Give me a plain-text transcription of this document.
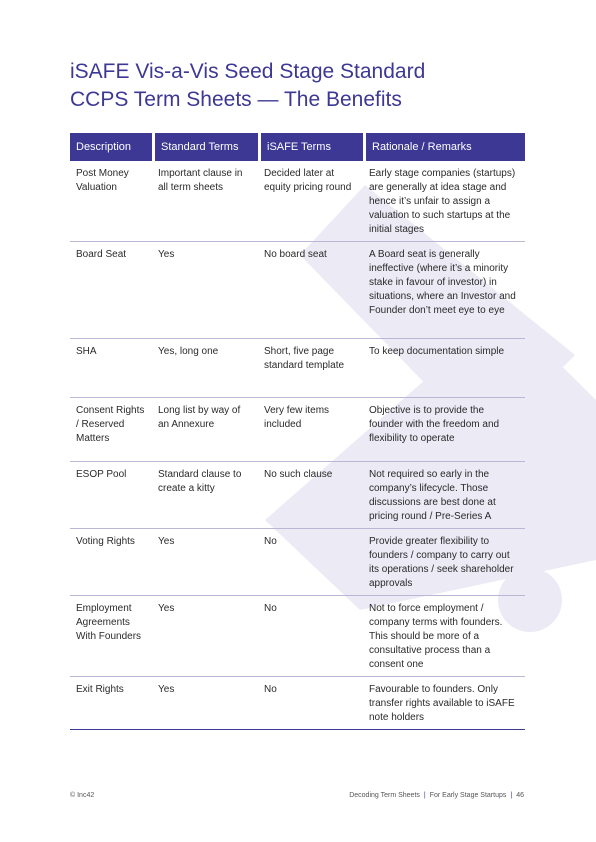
iSAFE Vis-a-Vis Seed Stage Standard
CCPS Term Sheets — The Benefits
Description	Standard Terms	iSAFE Terms	Rationale / Remarks
Post Money Valuation	Important clause in all term sheets	Decided later at equity pricing round	Early stage companies (startups) are generally at idea stage and hence it’s unfair to assign a valuation to such startups at the initial stages
Board Seat	Yes	No board seat	A Board seat is generally ineffective (where it’s a minority stake in favour of investor) in situations, where an Investor and Founder don’t meet eye to eye
SHA	Yes, long one	Short, five page standard template	To keep documentation simple
Consent Rights / Reserved Matters	Long list by way of an Annexure	Very few items included	Objective is to provide the founder with the freedom and flexibility to operate
ESOP Pool	Standard clause to create a kitty	No such clause	Not required so early in the company’s lifecycle. Those discussions are best done at pricing round / Pre-Series A
Voting Rights	Yes	No	Provide greater flexibility to founders / company to carry out its operations / seek shareholder approvals
Employment Agreements With Founders	Yes	No	Not to force employment / company terms with founders. This should be more of a consultative process than a consent one
Exit Rights	Yes	No	Favourable to founders. Only transfer rights available to iSAFE note holders
© Inc42	Decoding Term Sheets | For Early Stage Startups | 46
